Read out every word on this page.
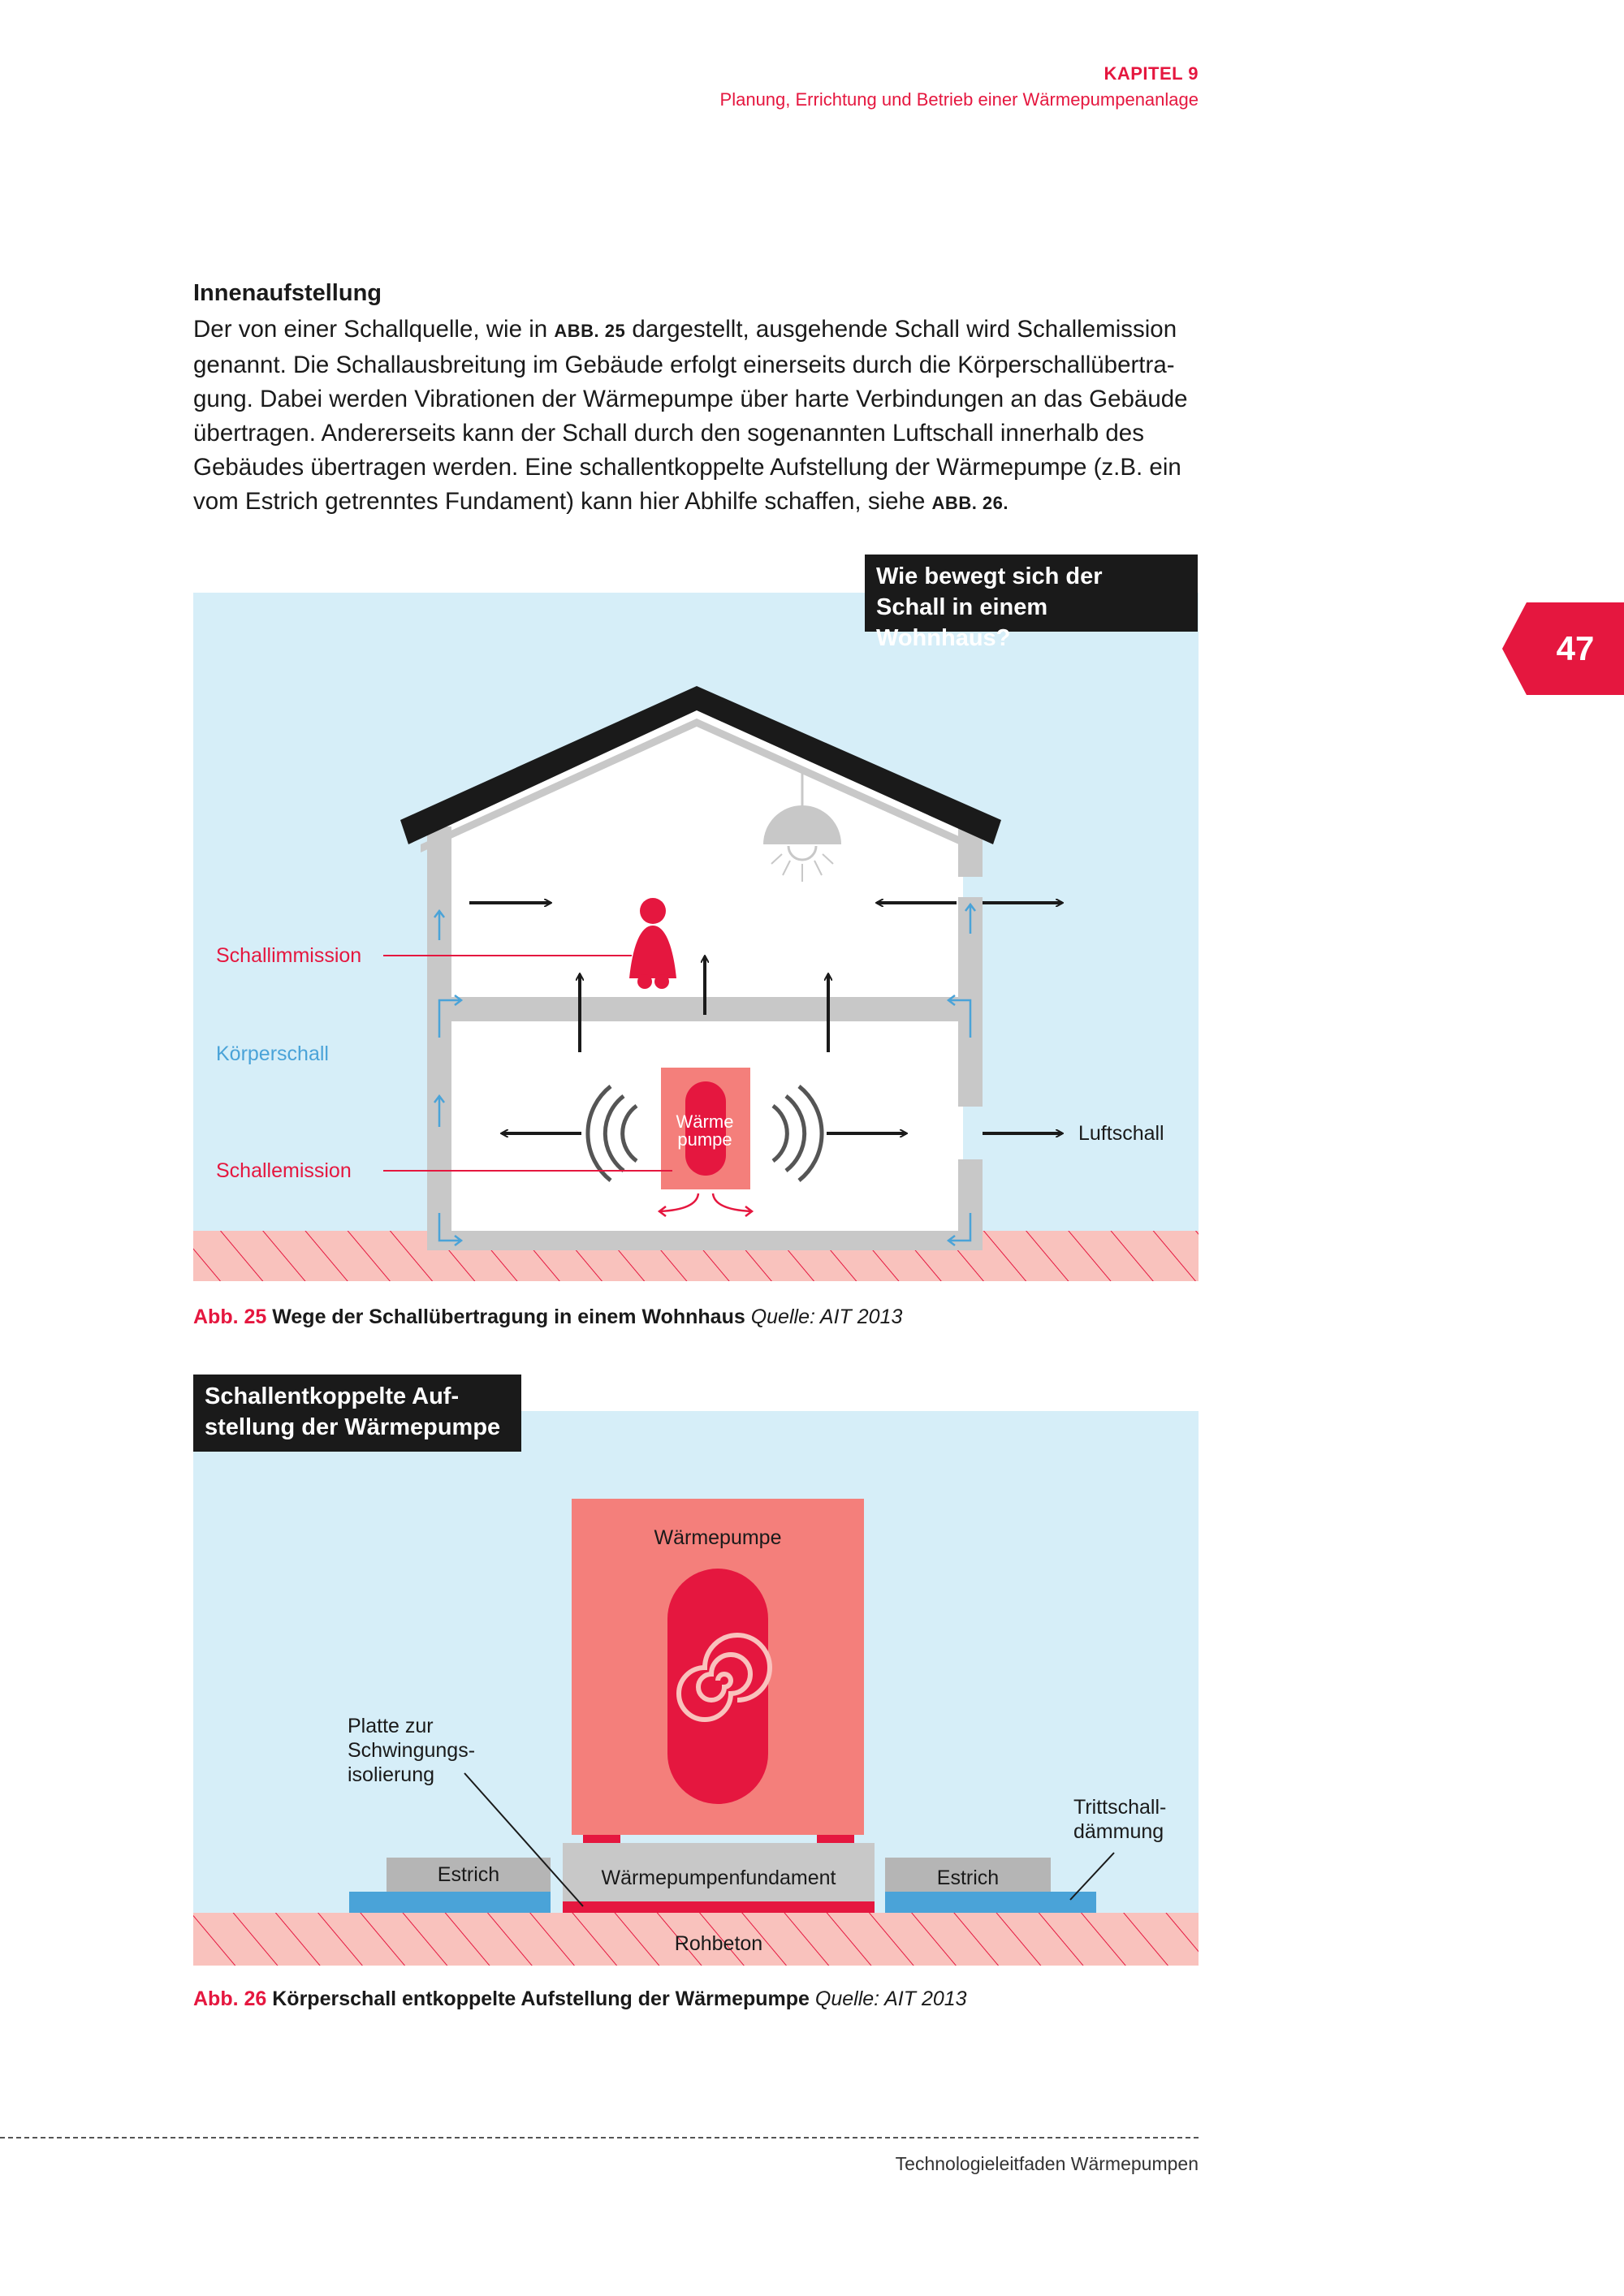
KAPITEL 9
Planung, Errichtung und Betrieb einer Wärmepumpenanlage
47
Innenaufstellung

Der von einer Schallquelle, wie in ABB. 25 dargestellt, ausgehende Schall wird Schallemission

genannt. Die Schallausbreitung im Gebäude erfolgt einerseits durch die Körperschallübertra-

gung. Dabei werden Vibrationen der Wärmepumpe über harte Verbindungen an das Gebäude

übertragen. Andererseits kann der Schall durch den sogenannten Luftschall innerhalb des

Gebäudes übertragen werden. Eine schallentkoppelte Aufstellung der Wärmepumpe (z.B. ein

vom Estrich getrenntes Fundament) kann hier Abhilfe schaffen, siehe ABB. 26.

Wärme
pumpe
Schallimmission
Körperschall
Schallemission
Luftschall
Wie bewegt sich der
Schall in einem Wohnhaus?
Abb. 25 Wege der Schallübertragung in einem Wohnhaus Quelle: AIT 2013
Wärmepumpe
Platte zur
Schwingungs-
isolierung
Trittschall-
dämmung
Estrich	Estrich
Wärmepumpenfundament
Rohbeton
Schallentkoppelte Auf-
stellung der Wärmepumpe
Abb. 26 Körperschall entkoppelte Aufstellung der Wärmepumpe Quelle: AIT 2013
Technologieleitfaden Wärmepumpen
